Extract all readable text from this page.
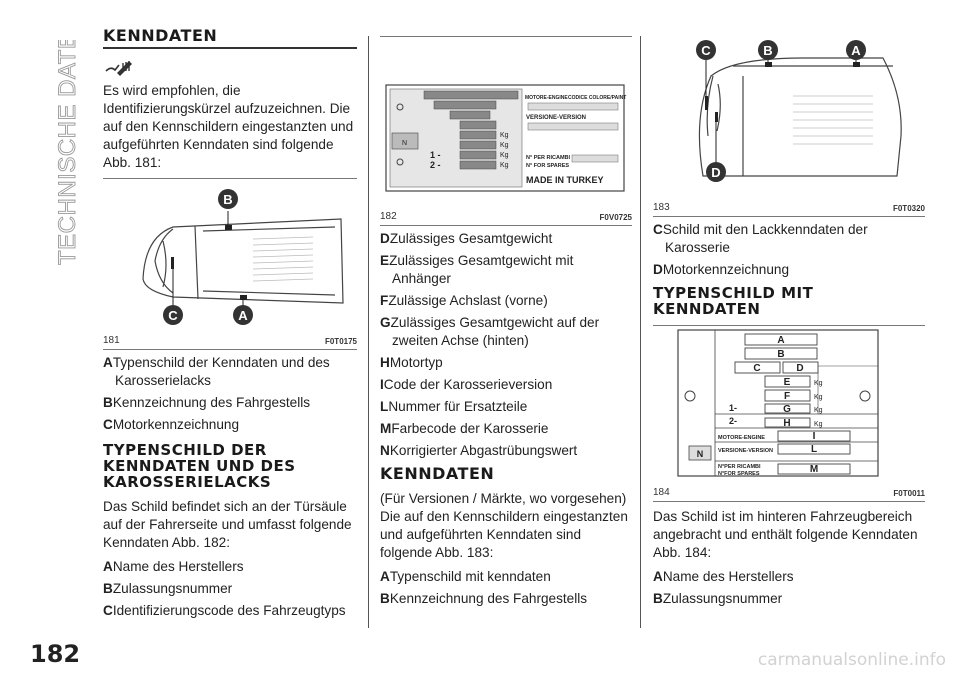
TECHNISCHE DATEN KENNDATEN

Es wird empfohlen, die Identifizierungskürzel aufzuzeichnen. Die auf den Kennschildern eingestanzten und aufgeführten Kenndaten sind folgende Abb. 181:

B
C	A
181	F0T0175
ATypenschild der Kenndaten und des Karosserielacks
BKennzeichnung des Fahrgestells
CMotorkennzeichnung
TYPENSCHILD DER KENNDATEN UND DES KAROSSERIELACKS

Das Schild befindet sich an der Türsäule auf der Fahrerseite und umfasst folgende Kenndaten Abb. 182:

AName des Herstellers
BZulassungsnummer
CIdentifizierungscode des Fahrzeugtyps
N
1 -
2 -
Kg
Kg
Kg
Kg
MOTORE-ENGINE CODICE COLORE/PAINT
VERSIONE-VERSION
N° PER RICAMBI
N° FOR SPARES
MADE IN TURKEY
182	F0V0725
DZulässiges Gesamtgewicht
EZulässiges Gesamtgewicht mit Anhänger
FZulässige Achslast (vorne)
GZulässiges Gesamtgewicht auf der zweiten Achse (hinten)
HMotortyp
ICode der Karosserieversion
LNummer für Ersatzteile
MFarbecode der Karosserie
NKorrigierter Abgastrübungswert
KENNDATEN

(Für Versionen / Märkte, wo vorgesehen)

Die auf den Kennschildern eingestanzten und aufgeführten Kenndaten sind folgende Abb. 183:

ATypenschild mit kenndaten
BKennzeichnung des Fahrgestells
C	B	A
D
183	F0T0320
CSchild mit den Lackkenndaten der Karosserie
DMotorkennzeichnung
TYPENSCHILD MIT KENNDATEN
A
B
C	D
E
F
G
H
I
L
M
N
1-
2-
Kg
Kg
Kg
Kg
MOTORE-ENGINE
VERSIONE-VERSION
N°PER RICAMBI
N°FOR SPARES
184	F0T0011

Das Schild ist im hinteren Fahrzeugbereich angebracht und enthält folgende Kenndaten Abb. 184:

AName des Herstellers
BZulassungsnummer
182	carmanualsonline.info
